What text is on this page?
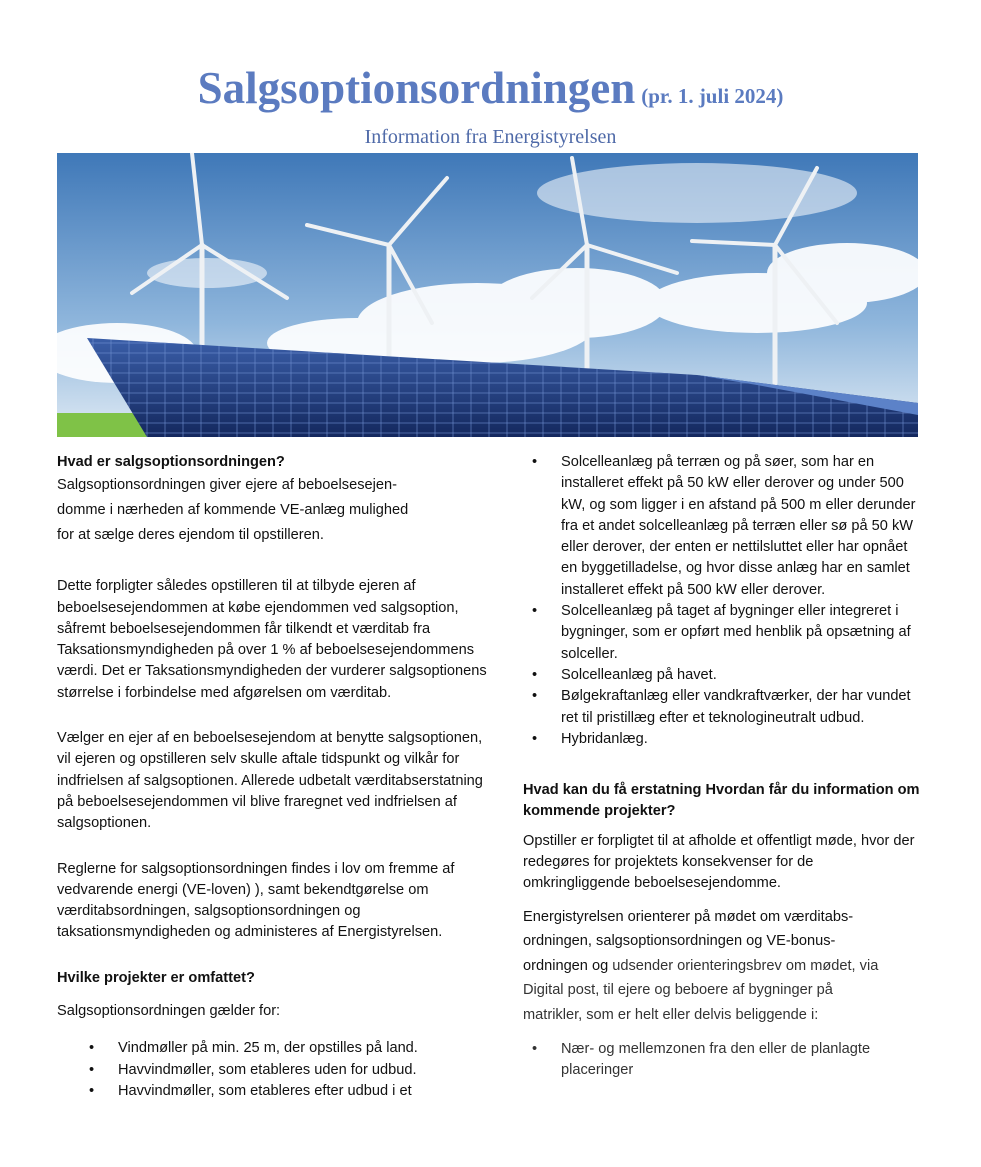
Salgsoptionsordningen (pr. 1. juli 2024)
Information fra Energistyrelsen
Hvad er salgsoptionsordningen?

Salgsoptionsordningen giver ejere af beboelsesejen-

domme i nærheden af kommende VE-anlæg mulighed

for at sælge deres ejendom til opstilleren.

Dette forpligter således opstilleren til at tilbyde ejeren af beboelsesejendommen at købe ejendommen ved salgsoption, såfremt beboelsesejendommen får tilkendt et værditab fra Taksationsmyndigheden på over 1 % af beboelsesejendommens værdi. Det er Taksationsmyndigheden der vurderer salgsoptionens størrelse i forbindelse med afgørelsen om værditab.

Vælger en ejer af en beboelsesejendom at benytte salgsoptionen, vil ejeren og opstilleren selv skulle aftale tidspunkt og vilkår for indfrielsen af salgsoptionen. Allerede udbetalt værditabserstatning på beboelsesejendommen vil blive fraregnet ved indfrielsen af salgsoptionen.

Reglerne for salgsoptionsordningen findes i lov om fremme af vedvarende energi (VE-loven) ), samt bekendtgørelse om værditabsordningen, salgsoptionsordningen og taksationsmyndigheden og administeres af Energistyrelsen.

Hvilke projekter er omfattet?

Salgsoptionsordningen gælder for:

• Vindmøller på min. 25 m, der opstilles på land.
• Havvindmøller, som etableres uden for udbud.
• Havvindmøller, som etableres efter udbud i et
• Solcelleanlæg på terræn og på søer, som har en installeret effekt på 50 kW eller derover og under 500 kW, og som ligger i en afstand på 500 m eller derunder fra et andet solcelleanlæg på terræn eller sø på 50 kW eller derover, der enten er nettilsluttet eller har opnået en byggetilladelse, og hvor disse anlæg har en samlet installeret effekt på 500 kW eller derover.
• Solcelleanlæg på taget af bygninger eller integreret i bygninger, som er opført med henblik på opsætning af solceller.
• Solcelleanlæg på havet.
• Bølgekraftanlæg eller vandkraftværker, der har vundet ret til pristillæg efter et teknologineutralt udbud.
• Hybridanlæg.
Hvad kan du få erstatning Hvordan får du information om kommende projekter?

Opstiller er forpligtet til at afholde et offentligt møde, hvor der redegøres for projektets konsekvenser for de omkringliggende beboelsesejendomme.

Energistyrelsen orienterer på mødet om værditabs-

ordningen, salgsoptionsordningen og VE-bonus-

ordningen og udsender orienteringsbrev om mødet, via

Digital post, til ejere og beboere af bygninger på

matrikler, som er helt eller delvis beliggende i:

• Nær- og mellemzonen fra den eller de planlagte placeringer
